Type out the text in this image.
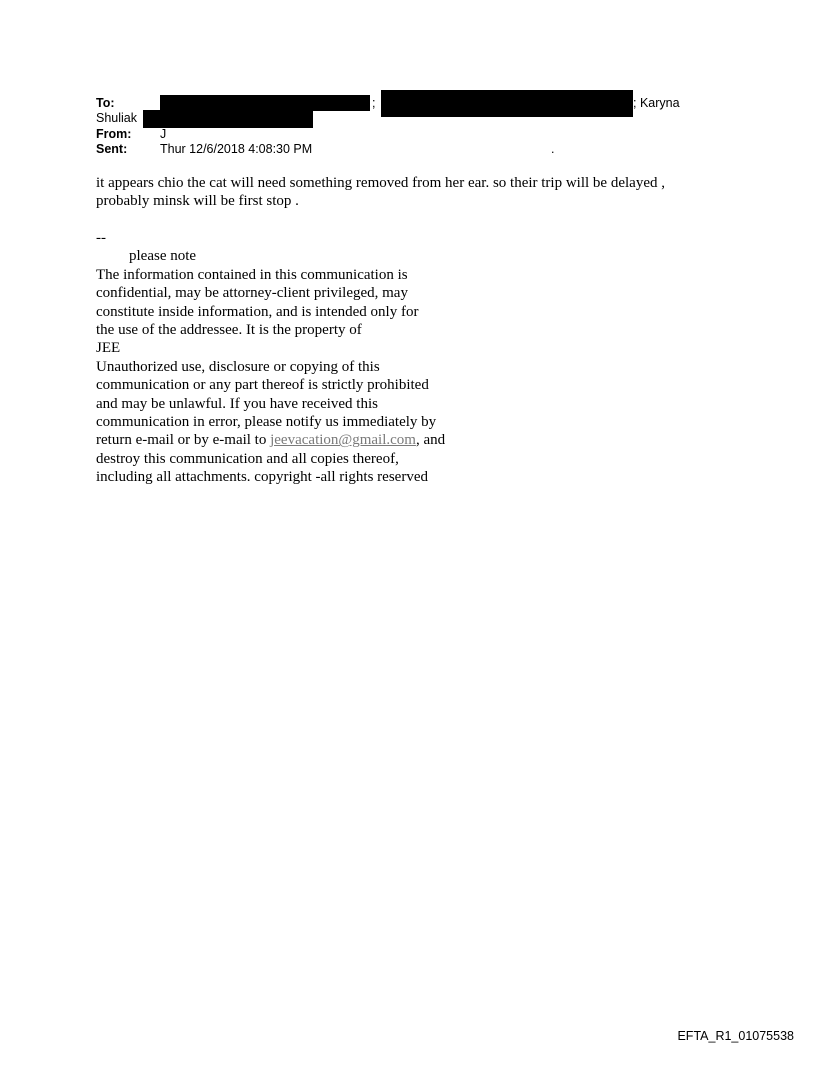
To:	;	; Karyna
Shuliak
From: J
Sent:	Thur 12/6/2018 4:08:30 PM	.
it appears chio the cat will need something removed from her ear. so their trip will be delayed ,
probably minsk will be first stop .
--
please note
The information contained in this communication is
confidential, may be attorney-client privileged, may
constitute inside information, and is intended only for
the use of the addressee. It is the property of
JEE
Unauthorized use, disclosure or copying of this
communication or any part thereof is strictly prohibited
and may be unlawful. If you have received this
communication in error, please notify us immediately by
return e-mail or by e-mail to jeevacation@gmail.com, and
destroy this communication and all copies thereof,
including all attachments. copyright -all rights reserved
EFTA_R1_01075538
